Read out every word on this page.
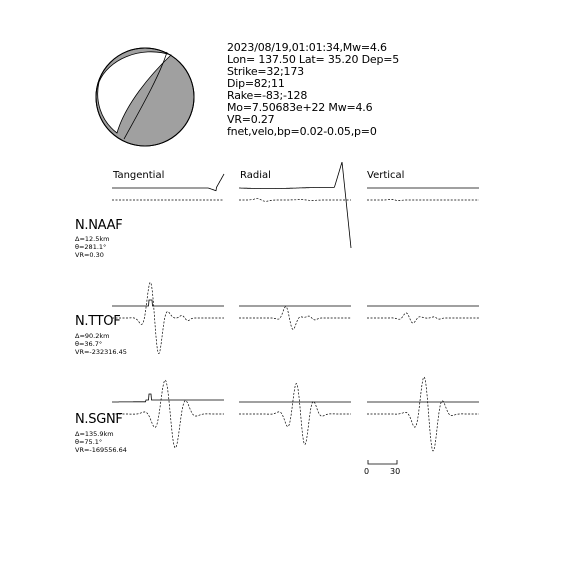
2023/08/19,01:01:34,Mw=4.6
Lon= 137.50 Lat= 35.20 Dep=5
Strike=32;173
Dip=82;11
Rake=-83;-128
Mo=7.50683e+22 Mw=4.6
VR=0.27
fnet,velo,bp=0.02-0.05,p=0
Tangential	Radial	Vertical
N.NAAF
Δ=12.5km
θ=281.1°
VR=0.30
N.TTOF
Δ=90.2km
θ=36.7°
VR=-232316.45
N.SGNF
Δ=135.9km
θ=75.1°
VR=-169556.64
0	30
